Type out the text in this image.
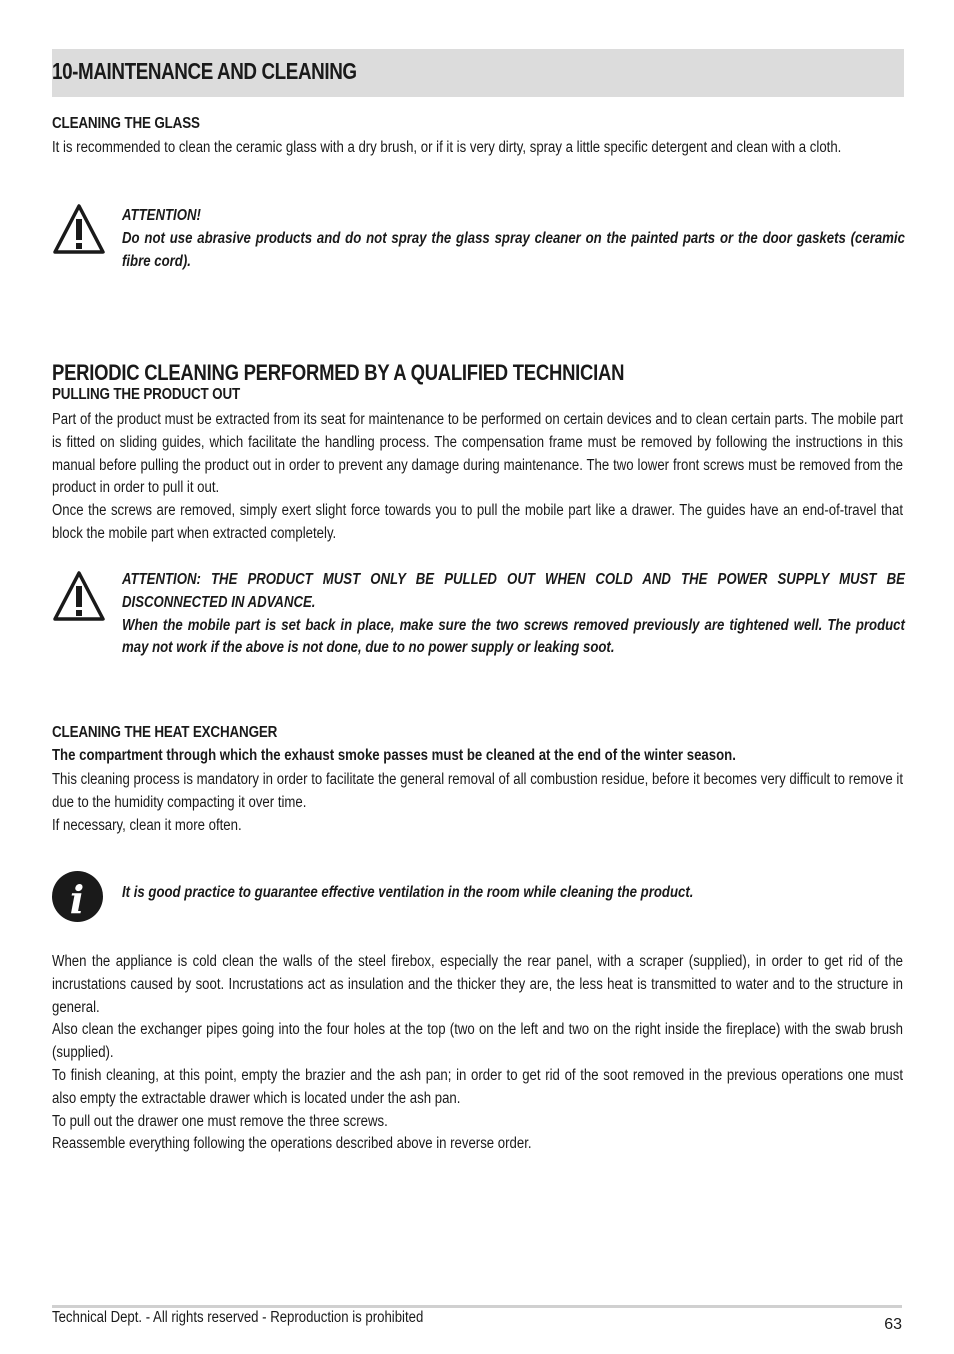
10-MAINTENANCE AND CLEANING
CLEANING THE GLASS

It is recommended to clean the ceramic glass with a dry brush, or if it is very dirty, spray a little specific detergent and clean with a cloth.

ATTENTION!

Do not use abrasive products and do not spray the glass spray cleaner on the painted parts or the door gaskets (ceramic fibre cord).

PERIODIC CLEANING PERFORMED BY A QUALIFIED TECHNICIAN
PULLING THE PRODUCT OUT

Part of the product must be extracted from its seat for maintenance to be performed on certain devices and to clean certain parts. The mobile part is fitted on sliding guides, which facilitate the handling process. The compensation frame must be removed by following the instructions in this manual before pulling the product out in order to prevent any damage during maintenance. The two lower front screws must be removed from the product in order to pull it out.

Once the screws are removed, simply exert slight force towards you to pull the mobile part like a drawer. The guides have an end-of-travel that block the mobile part when extracted completely.

ATTENTION: THE PRODUCT MUST ONLY BE PULLED OUT WHEN COLD AND THE POWER SUPPLY MUST BE DISCONNECTED IN ADVANCE.

When the mobile part is set back in place, make sure the two screws removed previously are tightened well. The product may not work if the above is not done, due to no power supply or leaking soot.

CLEANING THE HEAT EXCHANGER
The compartment through which the exhaust smoke passes must be cleaned at the end of the winter season.

This cleaning process is mandatory in order to facilitate the general removal of all combustion residue, before it becomes very difficult to remove it due to the humidity compacting it over time.

If necessary, clean it more often.

i It is good practice to guarantee effective ventilation in the room while cleaning the product.

When the appliance is cold clean the walls of the steel firebox, especially the rear panel, with a scraper (supplied), in order to get rid of the incrustations caused by soot. Incrustations act as insulation and the thicker they are, the less heat is transmitted to water and to the structure in general.

Also clean the exchanger pipes going into the four holes at the top (two on the left and two on the right inside the fireplace) with the swab brush (supplied).

To finish cleaning, at this point, empty the brazier and the ash pan; in order to get rid of the soot removed in the previous operations one must also empty the extractable drawer which is located under the ash pan.

To pull out the drawer one must remove the three screws.

Reassemble everything following the operations described above in reverse order.

Technical Dept. - All rights reserved - Reproduction is prohibited	63
